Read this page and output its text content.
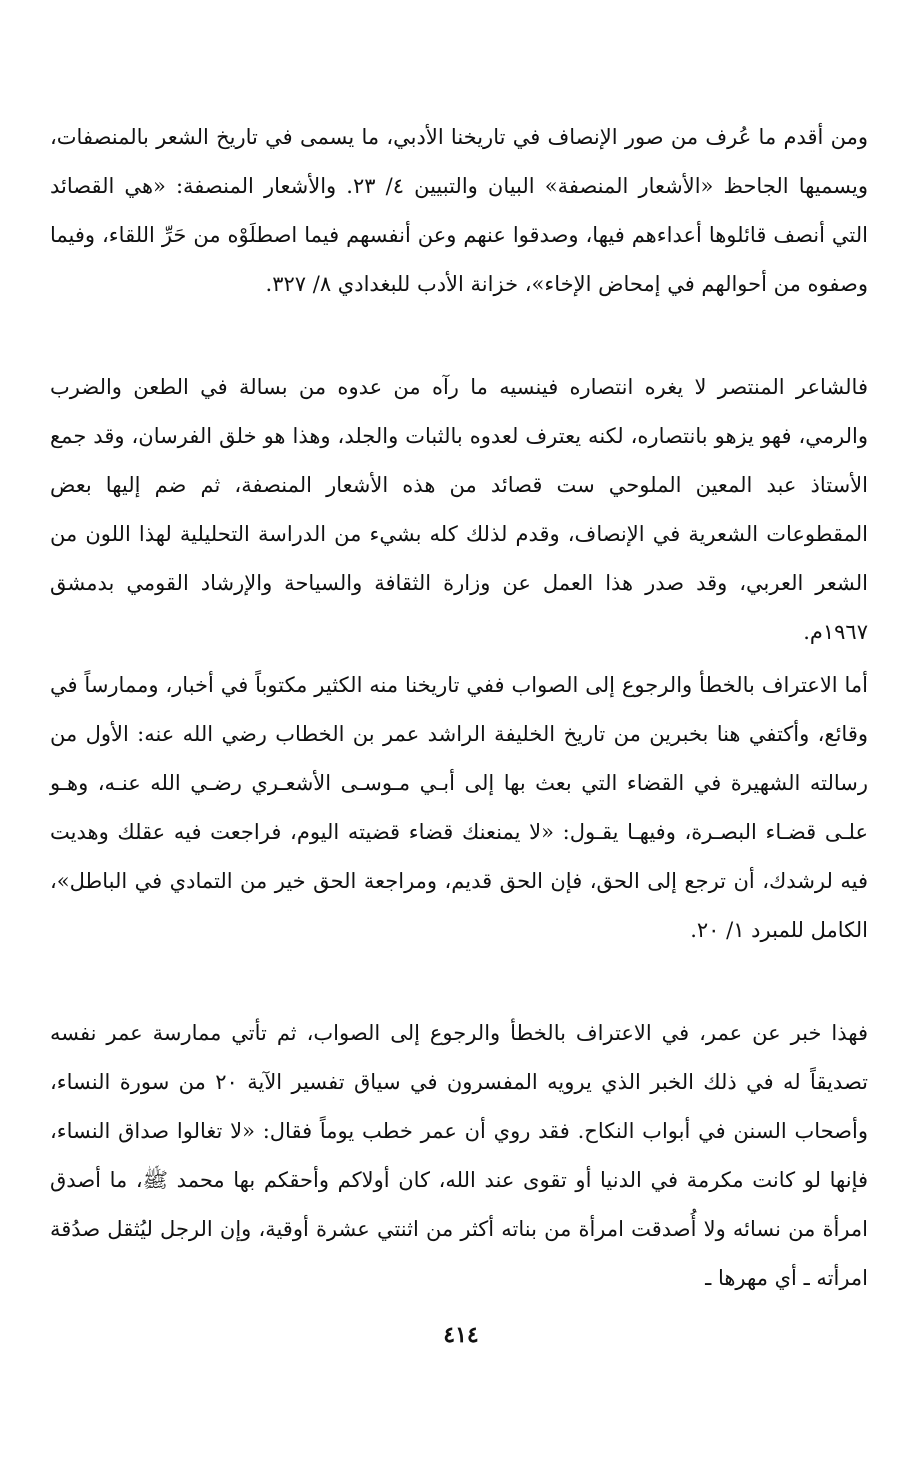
ومن أقدم ما عُرف من صور الإنصاف في تاريخنا الأدبي، ما يسمى في تاريخ الشعر بالمنصفات، ويسميها الجاحظ «الأشعار المنصفة» البيان والتبيين ٤/ ٢٣. والأشعار المنصفة: «هي القصائد التي أنصف قائلوها أعداءهم فيها، وصدقوا عنهم وعن أنفسهم فيما اصطلَوْه من حَرِّ اللقاء، وفيما وصفوه من أحوالهم في إمحاض الإخاء»، خزانة الأدب للبغدادي ٨/ ٣٢٧.

فالشاعر المنتصر لا يغره انتصاره فينسيه ما رآه من عدوه من بسالة في الطعن والضرب والرمي، فهو يزهو بانتصاره، لكنه يعترف لعدوه بالثبات والجلد، وهذا هو خلق الفرسان، وقد جمع الأستاذ عبد المعين الملوحي ست قصائد من هذه الأشعار المنصفة، ثم ضم إليها بعض المقطوعات الشعرية في الإنصاف، وقدم لذلك كله بشيء من الدراسة التحليلية لهذا اللون من الشعر العربي، وقد صدر هذا العمل عن وزارة الثقافة والسياحة والإرشاد القومي بدمشق ١٩٦٧م.

أما الاعتراف بالخطأ والرجوع إلى الصواب ففي تاريخنا منه الكثير مكتوباً في أخبار، وممارساً في وقائع، وأكتفي هنا بخبرين من تاريخ الخليفة الراشد عمر بن الخطاب رضي الله عنه: الأول من رسالته الشهيرة في القضاء التي بعث بها إلى أبـي مـوسـى الأشعـري رضـي الله عنـه، وهـو علـى قضـاء البصـرة، وفيهـا يقـول: «لا يمنعنك قضاء قضيته اليوم، فراجعت فيه عقلك وهديت فيه لرشدك، أن ترجع إلى الحق، فإن الحق قديم، ومراجعة الحق خير من التمادي في الباطل»، الكامل للمبرد ١/ ٢٠.

فهذا خبر عن عمر، في الاعتراف بالخطأ والرجوع إلى الصواب، ثم تأتي ممارسة عمر نفسه تصديقاً له في ذلك الخبر الذي يرويه المفسرون في سياق تفسير الآية ٢٠ من سورة النساء، وأصحاب السنن في أبواب النكاح. فقد روي أن عمر خطب يوماً فقال: «لا تغالوا صداق النساء، فإنها لو كانت مكرمة في الدنيا أو تقوى عند الله، كان أولاكم وأحقكم بها محمد ﷺ، ما أصدق امرأة من نسائه ولا أُصدقت امرأة من بناته أكثر من اثنتي عشرة أوقية، وإن الرجل ليُثقل صدُقة امرأته ـ أي مهرها ـ

٤١٤
